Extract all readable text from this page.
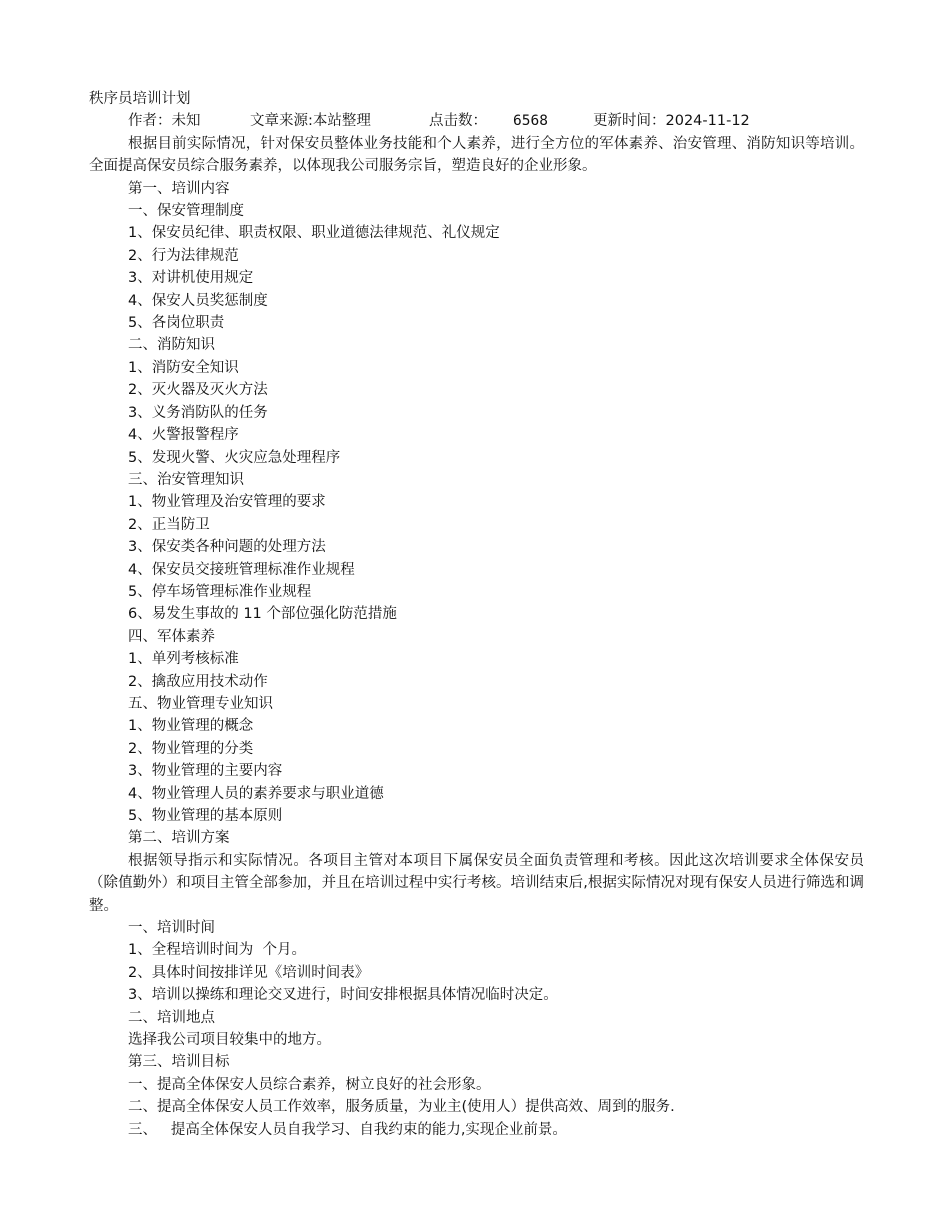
秩序员培训计划

作者：未知	文章来源:本站整理	点击数： 6568	更新时间：2024-11-12

根据目前实际情况，针对保安员整体业务技能和个人素养，进行全方位的军体素养、治安管理、消防知识等培训。全面提高保安员综合服务素养，以体现我公司服务宗旨，塑造良好的企业形象。

第一、培训内容

一、保安管理制度

1、保安员纪律、职责权限、职业道德法律规范、礼仪规定

2、行为法律规范

3、对讲机使用规定

4、保安人员奖惩制度

5、各岗位职责

二、消防知识

1、消防安全知识

2、灭火器及灭火方法

3、义务消防队的任务

4、火警报警程序

5、发现火警、火灾应急处理程序

三、治安管理知识

1、物业管理及治安管理的要求

2、正当防卫

3、保安类各种问题的处理方法

4、保安员交接班管理标准作业规程

5、停车场管理标准作业规程

6、易发生事故的 11 个部位强化防范措施

四、军体素养

1、单列考核标准

2、擒敌应用技术动作

五、物业管理专业知识

1、物业管理的概念

2、物业管理的分类

3、物业管理的主要内容

4、物业管理人员的素养要求与职业道德

5、物业管理的基本原则

第二、培训方案

根据领导指示和实际情况。各项目主管对本项目下属保安员全面负责管理和考核。因此这次培训要求全体保安员（除值勤外）和项目主管全部参加，并且在培训过程中实行考核。培训结束后,根据实际情况对现有保安人员进行筛选和调整。

一、培训时间

1、全程培训时间为  个月。

2、具体时间按排详见《培训时间表》

3、培训以操练和理论交叉进行，时间安排根据具体情况临时决定。

二、培训地点

选择我公司项目较集中的地方。

第三、培训目标

一、提高全体保安人员综合素养，树立良好的社会形象。

二、提高全体保安人员工作效率，服务质量，为业主(使用人）提供高效、周到的服务.

三、   提高全体保安人员自我学习、自我约束的能力,实现企业前景。
